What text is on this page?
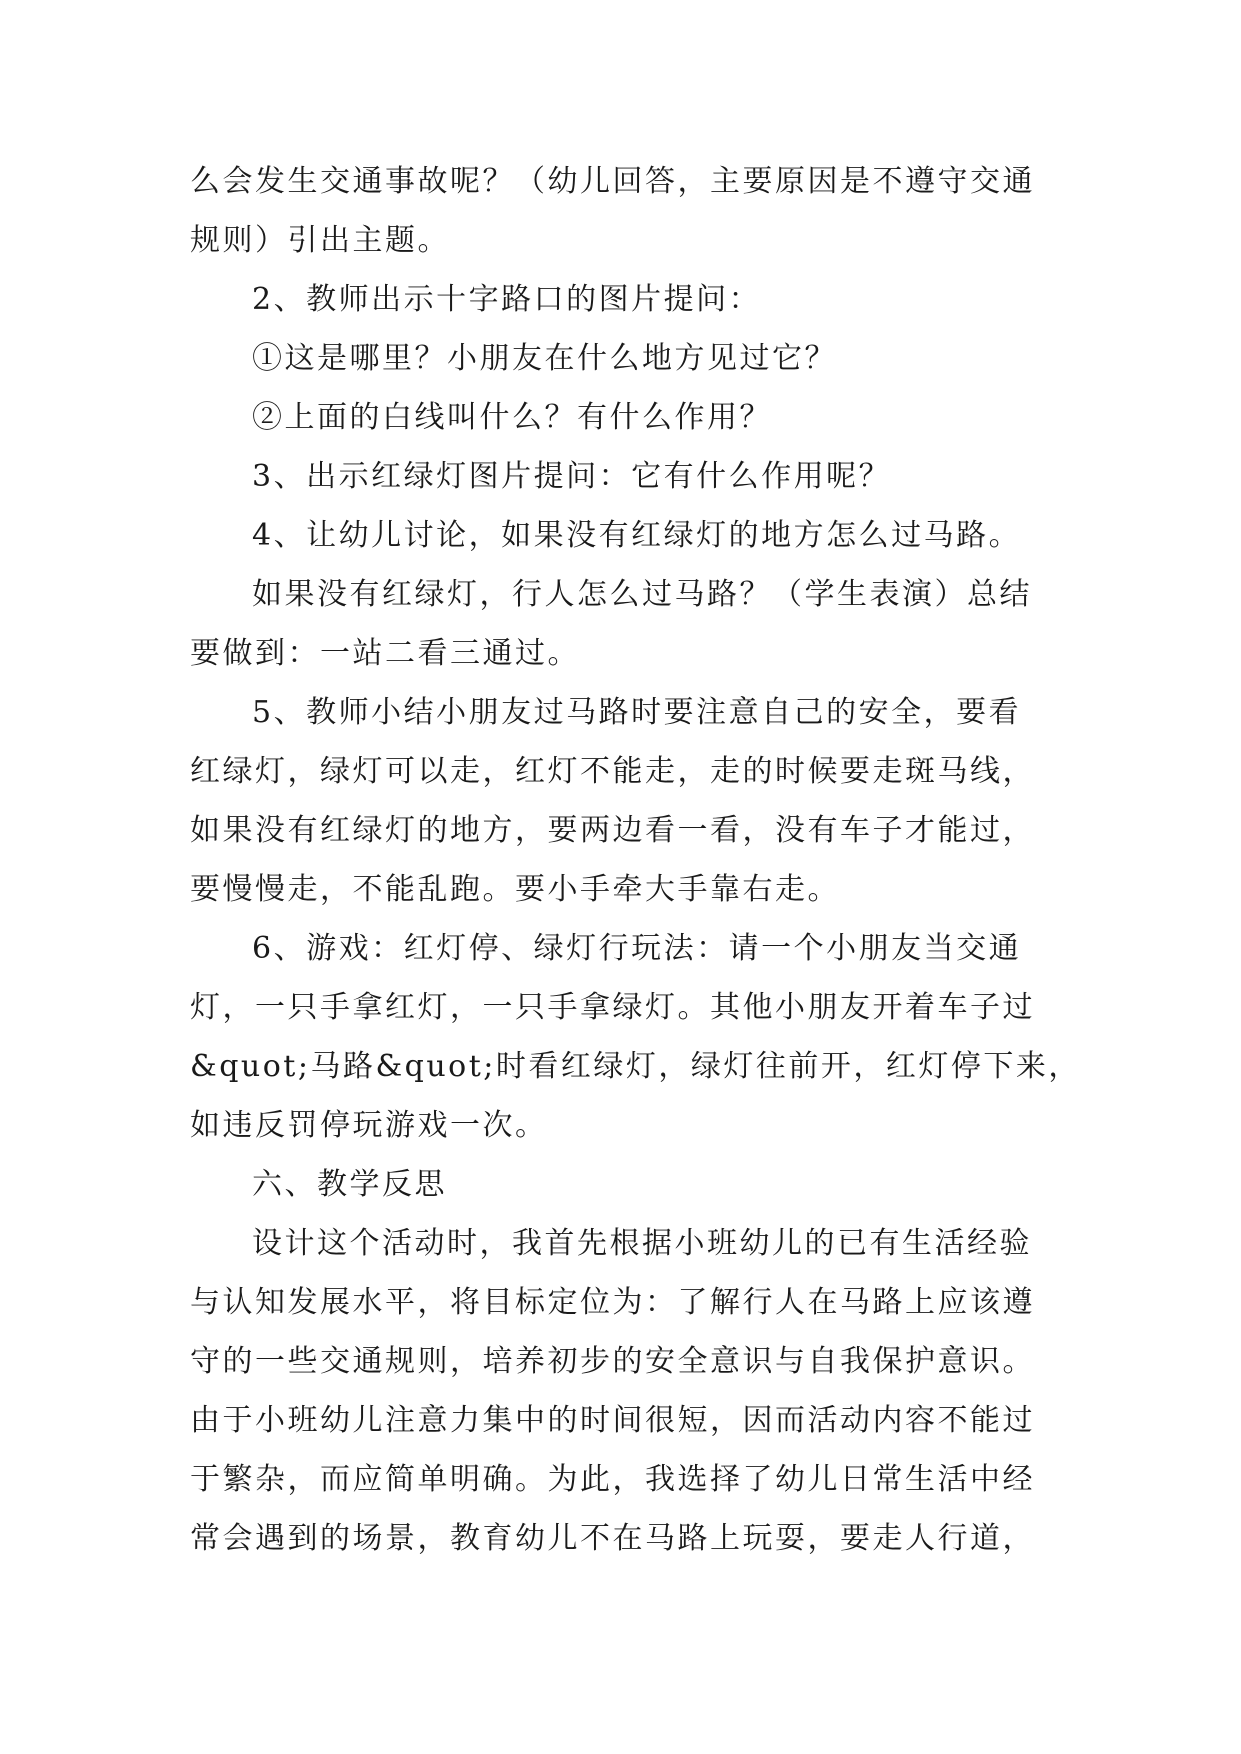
么会发生交通事故呢？（幼儿回答，主要原因是不遵守交通
规则）引出主题。
2、教师出示十字路口的图片提问：
①这是哪里？小朋友在什么地方见过它？
②上面的白线叫什么？有什么作用？
3、出示红绿灯图片提问：它有什么作用呢？
4、让幼儿讨论，如果没有红绿灯的地方怎么过马路。
如果没有红绿灯，行人怎么过马路？（学生表演）总结
要做到：一站二看三通过。
5、教师小结小朋友过马路时要注意自己的安全，要看
红绿灯，绿灯可以走，红灯不能走，走的时候要走斑马线，
如果没有红绿灯的地方，要两边看一看，没有车子才能过，
要慢慢走，不能乱跑。要小手牵大手靠右走。
6、游戏：红灯停、绿灯行玩法：请一个小朋友当交通
灯，一只手拿红灯，一只手拿绿灯。其他小朋友开着车子过
&quot;马路&quot;时看红绿灯，绿灯往前开，红灯停下来，
如违反罚停玩游戏一次。
六、教学反思
设计这个活动时，我首先根据小班幼儿的已有生活经验
与认知发展水平，将目标定位为：了解行人在马路上应该遵
守的一些交通规则，培养初步的安全意识与自我保护意识。
由于小班幼儿注意力集中的时间很短，因而活动内容不能过
于繁杂，而应简单明确。为此，我选择了幼儿日常生活中经
常会遇到的场景，教育幼儿不在马路上玩耍，要走人行道，
